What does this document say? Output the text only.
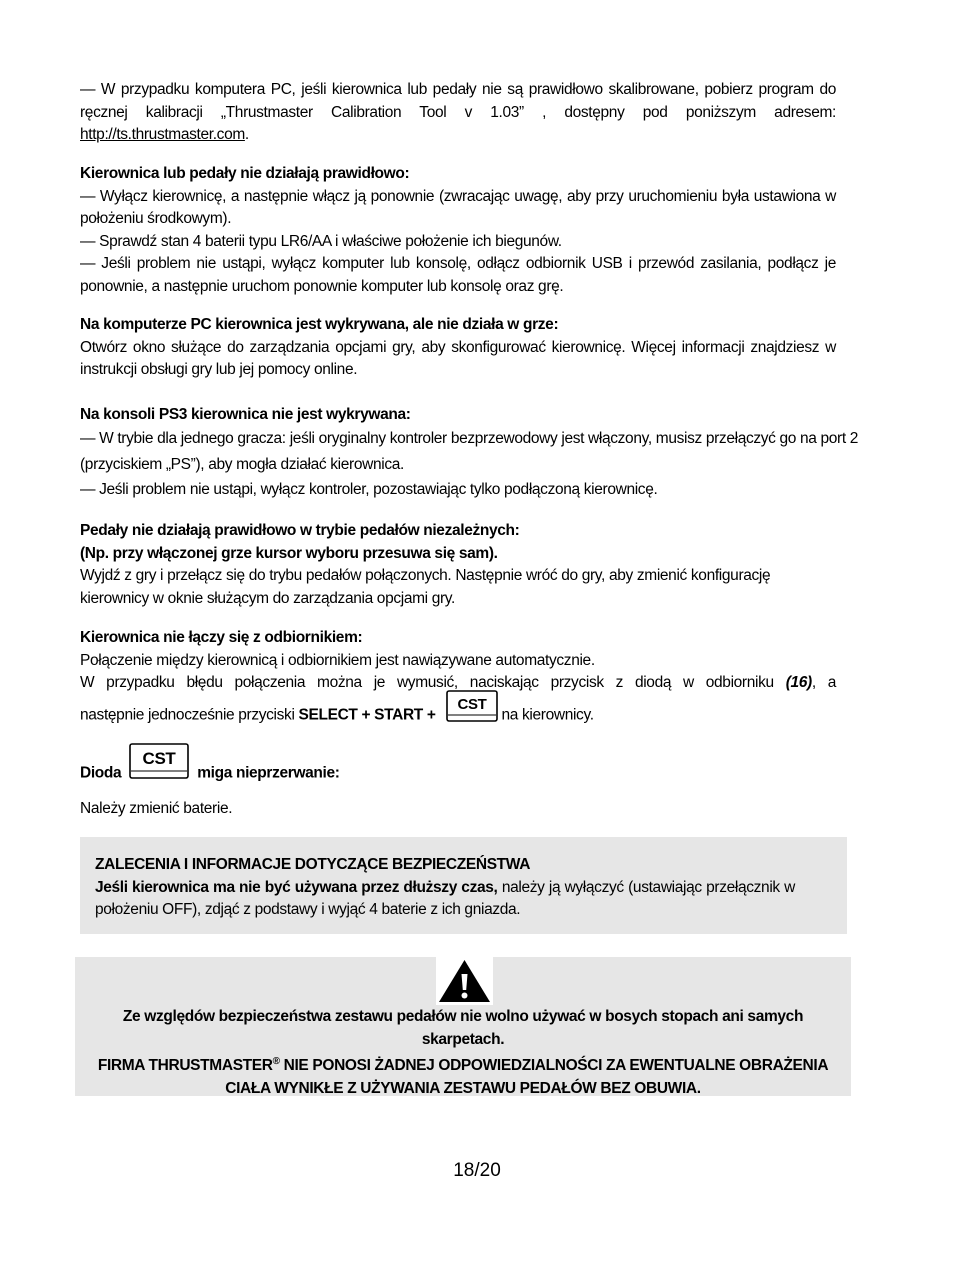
— W przypadku komputera PC, jeśli kierownica lub pedały nie są prawidłowo skalibrowane, pobierz program do ręcznej kalibracji „Thrustmaster Calibration Tool v 1.03” , dostępny pod poniższym adresem: http://ts.thrustmaster.com.
Kierownica lub pedały nie działają prawidłowo:
— Wyłącz kierownicę, a następnie włącz ją ponownie (zwracając uwagę, aby przy uruchomieniu była ustawiona w położeniu środkowym).
— Sprawdź stan 4 baterii typu LR6/AA i właściwe położenie ich biegunów.
— Jeśli problem nie ustąpi, wyłącz komputer lub konsolę, odłącz odbiornik USB i przewód zasilania, podłącz je ponownie, a następnie uruchom ponownie komputer lub konsolę oraz grę.
Na komputerze PC kierownica jest wykrywana, ale nie działa w grze:
Otwórz okno służące do zarządzania opcjami gry, aby skonfigurować kierownicę. Więcej informacji znajdziesz w instrukcji obsługi gry lub jej pomocy online.
Na konsoli PS3 kierownica nie jest wykrywana:
— W trybie dla jednego gracza: jeśli oryginalny kontroler bezprzewodowy jest włączony, musisz przełączyć go na port 2 (przyciskiem „PS”), aby mogła działać kierownica.
— Jeśli problem nie ustąpi, wyłącz kontroler, pozostawiając tylko podłączoną kierownicę.
Pedały nie działają prawidłowo w trybie pedałów niezależnych:
(Np. przy włączonej grze kursor wyboru przesuwa się sam).
Wyjdź z gry i przełącz się do trybu pedałów połączonych. Następnie wróć do gry, aby zmienić konfigurację kierownicy w oknie służącym do zarządzania opcjami gry.
Kierownica nie łączy się z odbiornikiem:
Połączenie między kierownicą i odbiornikiem jest nawiązywane automatycznie.
W przypadku błędu połączenia można je wymusić, naciskając przycisk z diodą w odbiorniku (16), a
następnie jednocześnie przyciski SELECT + START +
CST
na kierownicy.
Dioda
CST
miga nieprzerwanie:
Należy zmienić baterie.
ZALECENIA I INFORMACJE DOTYCZĄCE BEZPIECZEŃSTWA
Jeśli kierownica ma nie być używana przez dłuższy czas, należy ją wyłączyć (ustawiając przełącznik w położeniu OFF), zdjąć z podstawy i wyjąć 4 baterie z ich gniazda.
Ze względów bezpieczeństwa zestawu pedałów nie wolno używać w bosych stopach ani samych skarpetach.
FIRMA THRUSTMASTER® NIE PONOSI ŻADNEJ ODPOWIEDZIALNOŚCI ZA EWENTUALNE OBRAŻENIA CIAŁA WYNIKŁE Z UŻYWANIA ZESTAWU PEDAŁÓW BEZ OBUWIA.
18/20
